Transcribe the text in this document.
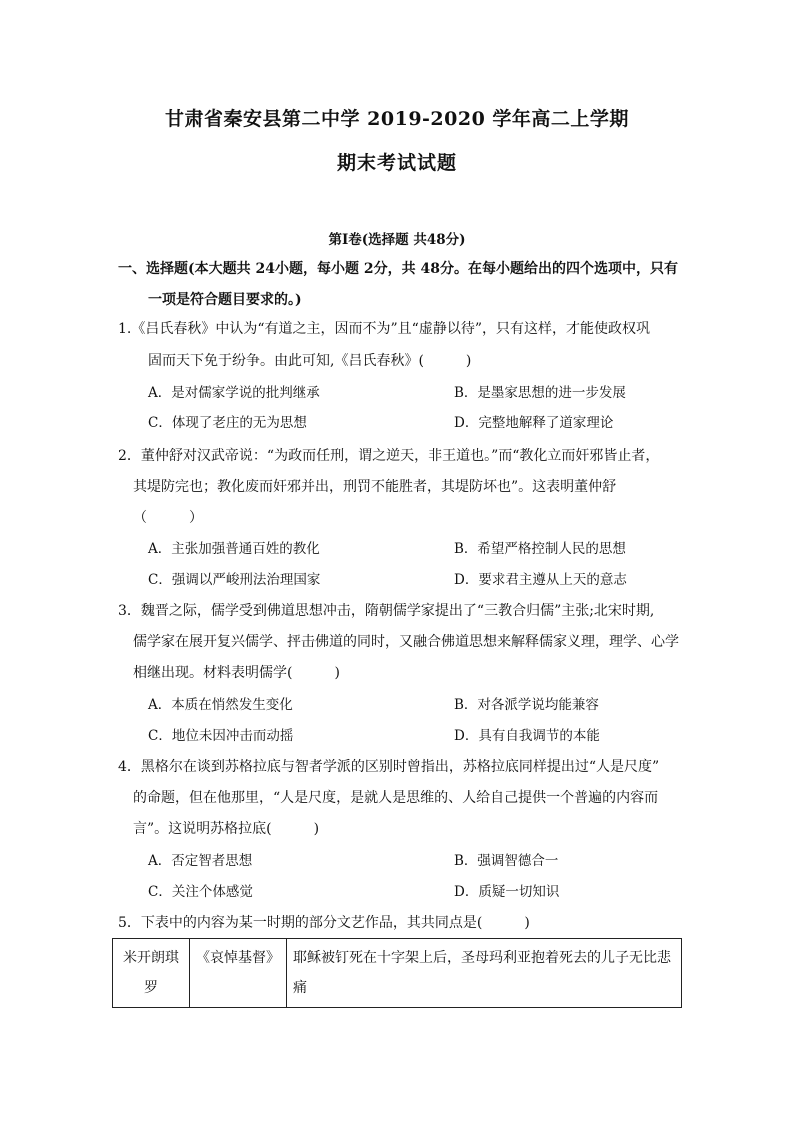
甘肃省秦安县第二中学 2019-2020 学年高二上学期
期末考试试题
第Ⅰ卷(选择题 共48分)
一、选择题(本大题共 24小题，每小题 2分，共 48分。在每小题给出的四个选项中，只有
一项是符合题目要求的。)
1.《吕氏春秋》中认为“有道之主，因而不为”且“虚静以待”，只有这样，才能使政权巩
固而天下免于纷争。由此可知,《吕氏春秋》(　　　)
A．是对儒家学说的批判继承	B．是墨家思想的进一步发展
C．体现了老庄的无为思想	D．完整地解释了道家理论
2．董仲舒对汉武帝说：“为政而任刑，谓之逆天，非王道也。”而“教化立而奸邪皆止者，
其堤防完也；教化废而奸邪并出，刑罚不能胜者，其堤防坏也”。这表明董仲舒
（　　　）
A．主张加强普通百姓的教化	B．希望严格控制人民的思想
C．强调以严峻刑法治理国家	D．要求君主遵从上天的意志
3．魏晋之际，儒学受到佛道思想冲击，隋朝儒学家提出了“三教合归儒”主张;北宋时期,
儒学家在展开复兴儒学、抨击佛道的同时，又融合佛道思想来解释儒家义理，理学、心学
相继出现。材料表明儒学(　　　)
A．本质在悄然发生变化	B．对各派学说均能兼容
C．地位未因冲击而动摇	D．具有自我调节的本能
4．黑格尔在谈到苏格拉底与智者学派的区别时曾指出，苏格拉底同样提出过“人是尺度”
的命题，但在他那里，“人是尺度，是就人是思维的、人给自己提供一个普遍的内容而
言”。这说明苏格拉底(　　　)
A．否定智者思想	B．强调智德合一
C．关注个体感觉	D．质疑一切知识
5．下表中的内容为某一时期的部分文艺作品，其共同点是(　　　)
米开朗琪
罗
	《哀悼基督》	耶稣被钉死在十字架上后，圣母玛利亚抱着死去的儿子无比悲
痛
